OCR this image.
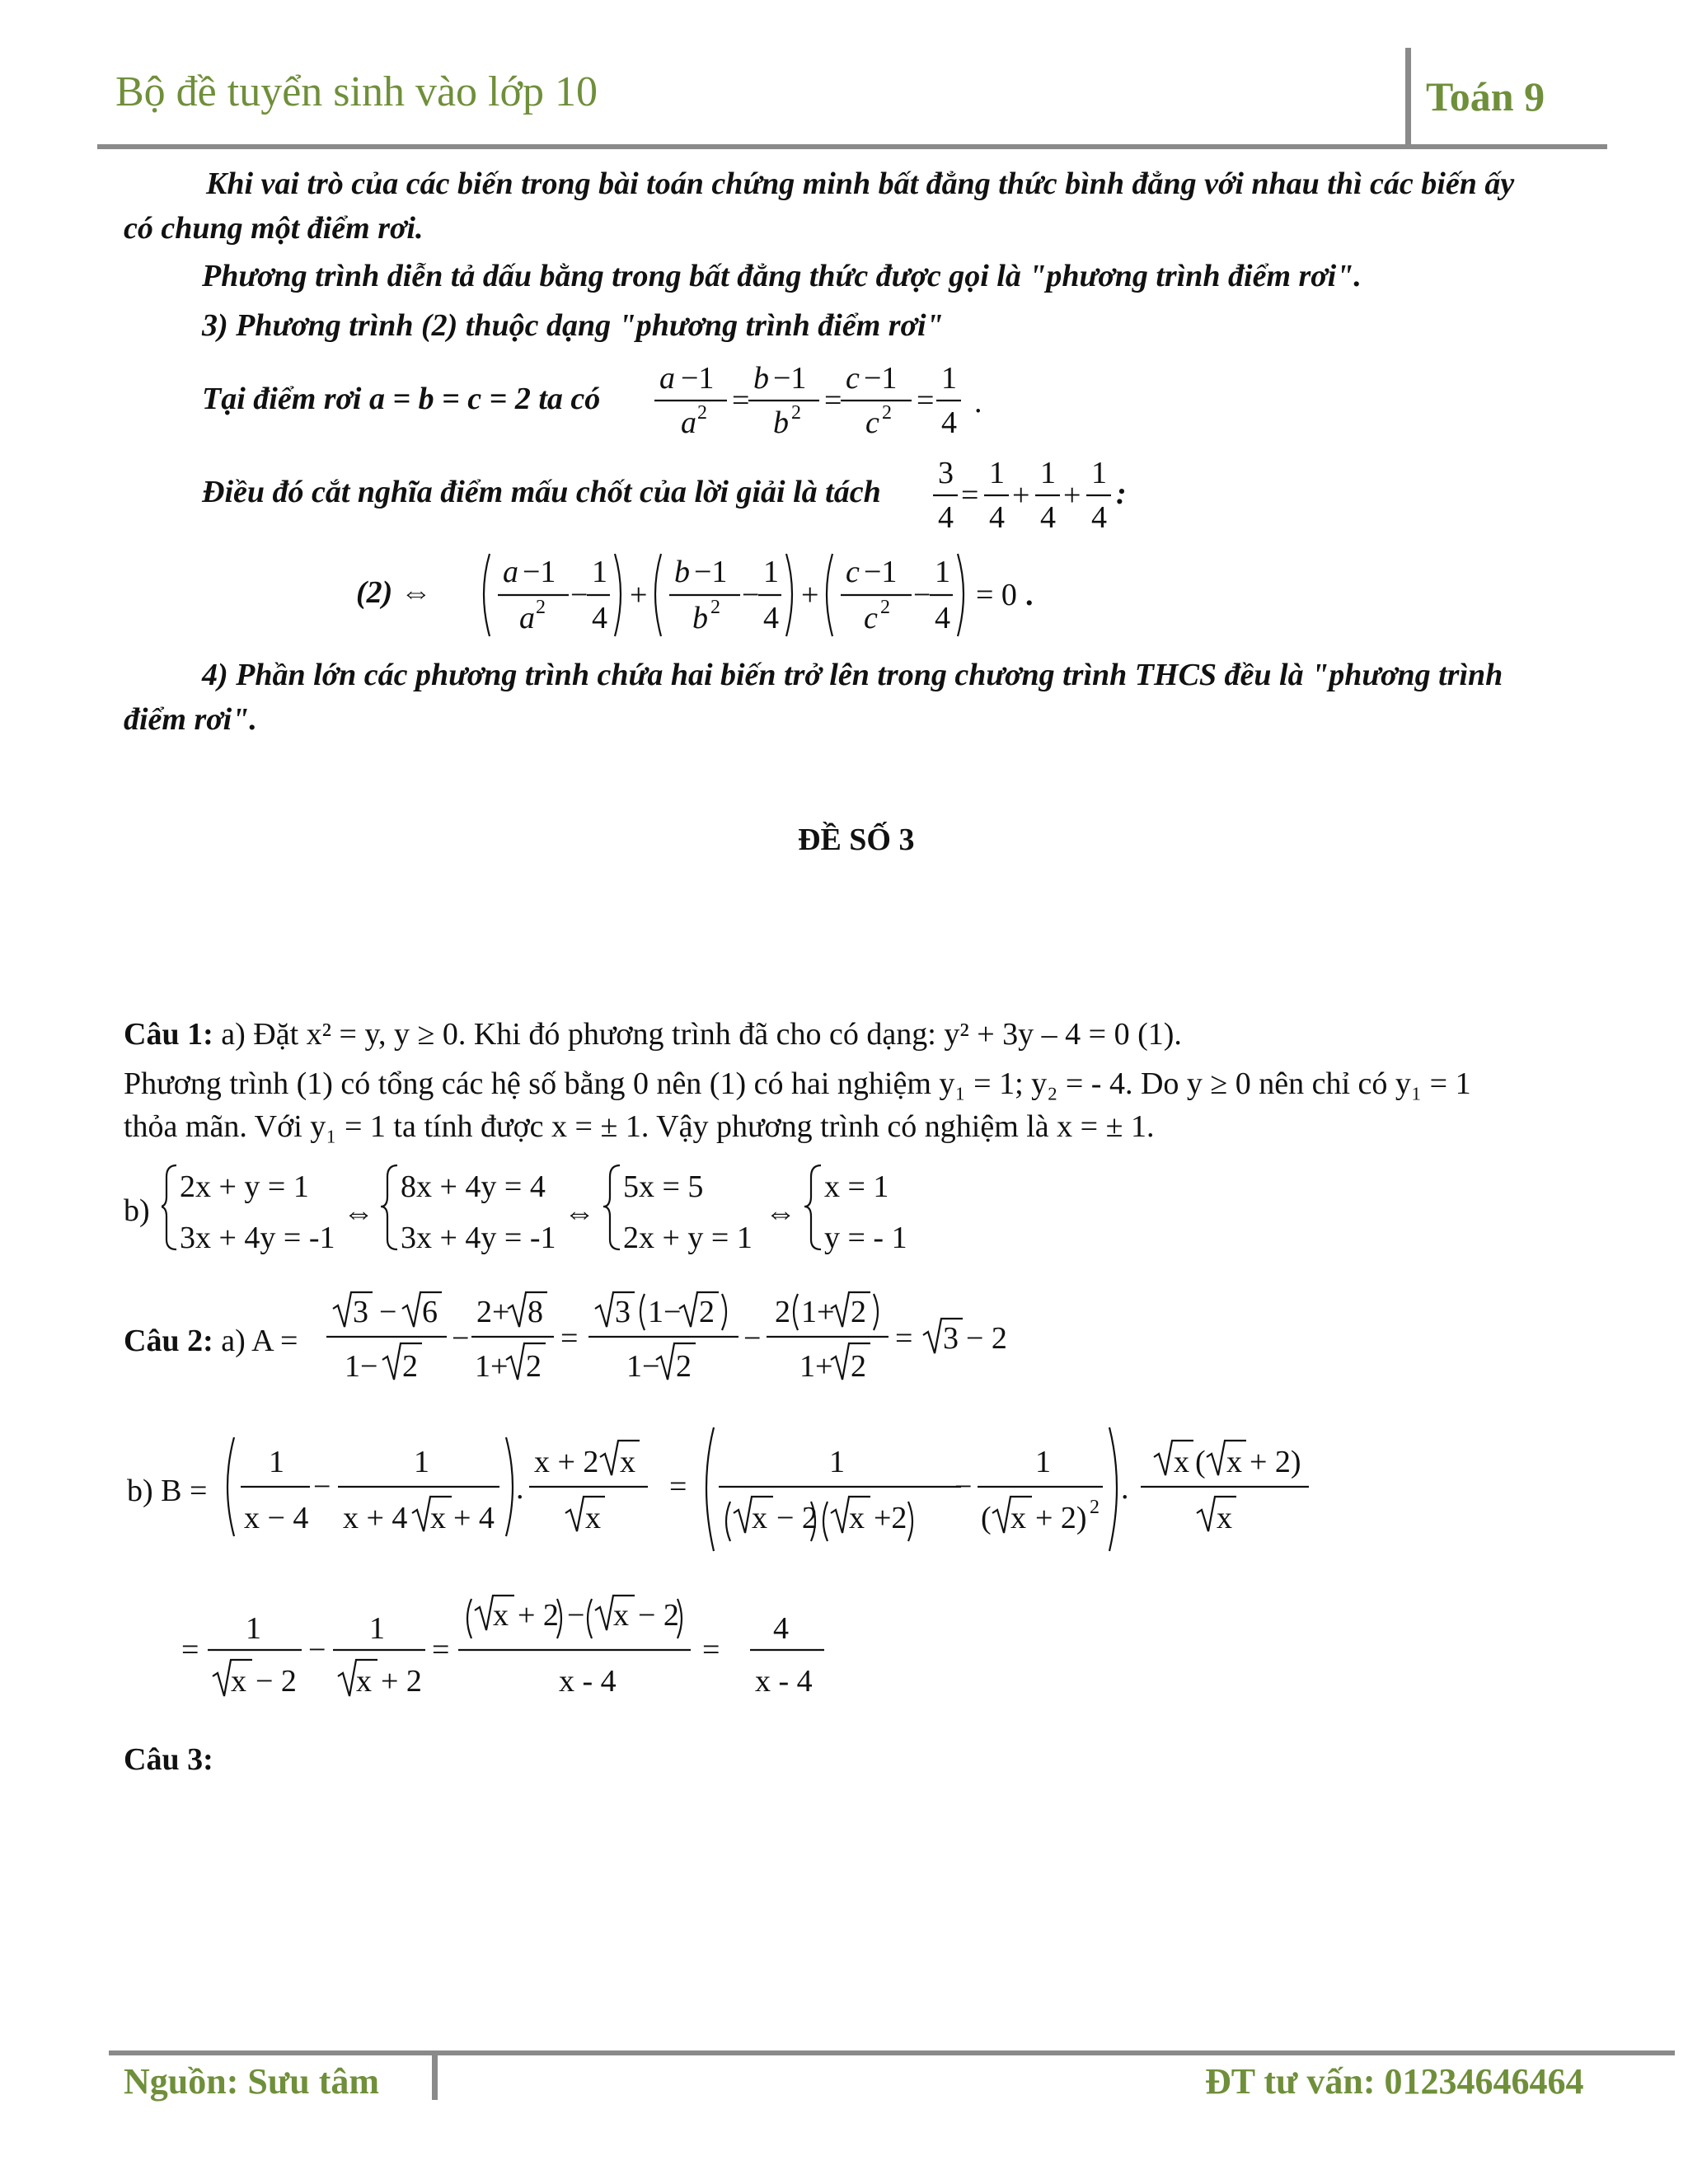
Bộ đề tuyển sinh vào lớp 10	Toán 9
Khi vai trò của các biến trong bài toán chứng minh bất đẳng thức bình đẳng với nhau thì các biến ấy
có chung một điểm rơi.
Phương trình diễn tả dấu bằng trong bất đẳng thức được gọi là "phương trình điểm rơi".
3) Phương trình (2) thuộc dạng "phương trình điểm rơi"
Tại điểm rơi a = b = c = 2 ta có
a −1
a 2 =
b −1
b 2 =
c −1
c 2 =
1
4
.
Điều đó cắt nghĩa điểm mấu chốt của lời giải là tách
3
4
=
1
4
+
1
4
+
1
4
:
(2) ⇔
a −1
a 2 −
1
4
+
b −1
b 2 −
1
4
+
c −1
c 2 −
1
4
= 0 .
4) Phần lớn các phương trình chứa hai biến trở lên trong chương trình THCS đều là "phương trình
điểm rơi".
ĐỀ SỐ 3
Câu 1: a) Đặt x² = y, y ≥ 0. Khi đó phương trình đã cho có dạng: y² + 3y – 4 = 0 (1).
Phương trình (1) có tổng các hệ số bằng 0 nên (1) có hai nghiệm y₁ = 1; y₂ = - 4. Do y ≥ 0 nên chỉ có y₁ = 1
thỏa mãn. Với y₁ = 1 ta tính được x = ± 1. Vậy phương trình có nghiệm là x = ± 1.
b)
2x + y = 1
3x + 4y = -1
⇔
8x + 4y = 4
3x + 4y = -1
⇔
5x = 5
2x + y = 1
⇔
x = 1
y = - 1
Câu 2: a) A =
3 − 6
1− 2
−
2+ 8
1+ 2
=
3 1− 2
1− 2
−
2 1+ 2
1+ 2
= 3 − 2
b) B =
1
x − 4
−
1
x + 4 x + 4
.
x + 2 x
x
=
1
x − 2 x +2
−
1
( x + 2) 2
.
x ( x + 2)
x
=
1
x − 2
−
1
x + 2
=
x + 2 − x − 2
x - 4
=
4
x - 4
Câu 3:
Nguồn: Sưu tâm	ĐT tư vấn: 01234646464
